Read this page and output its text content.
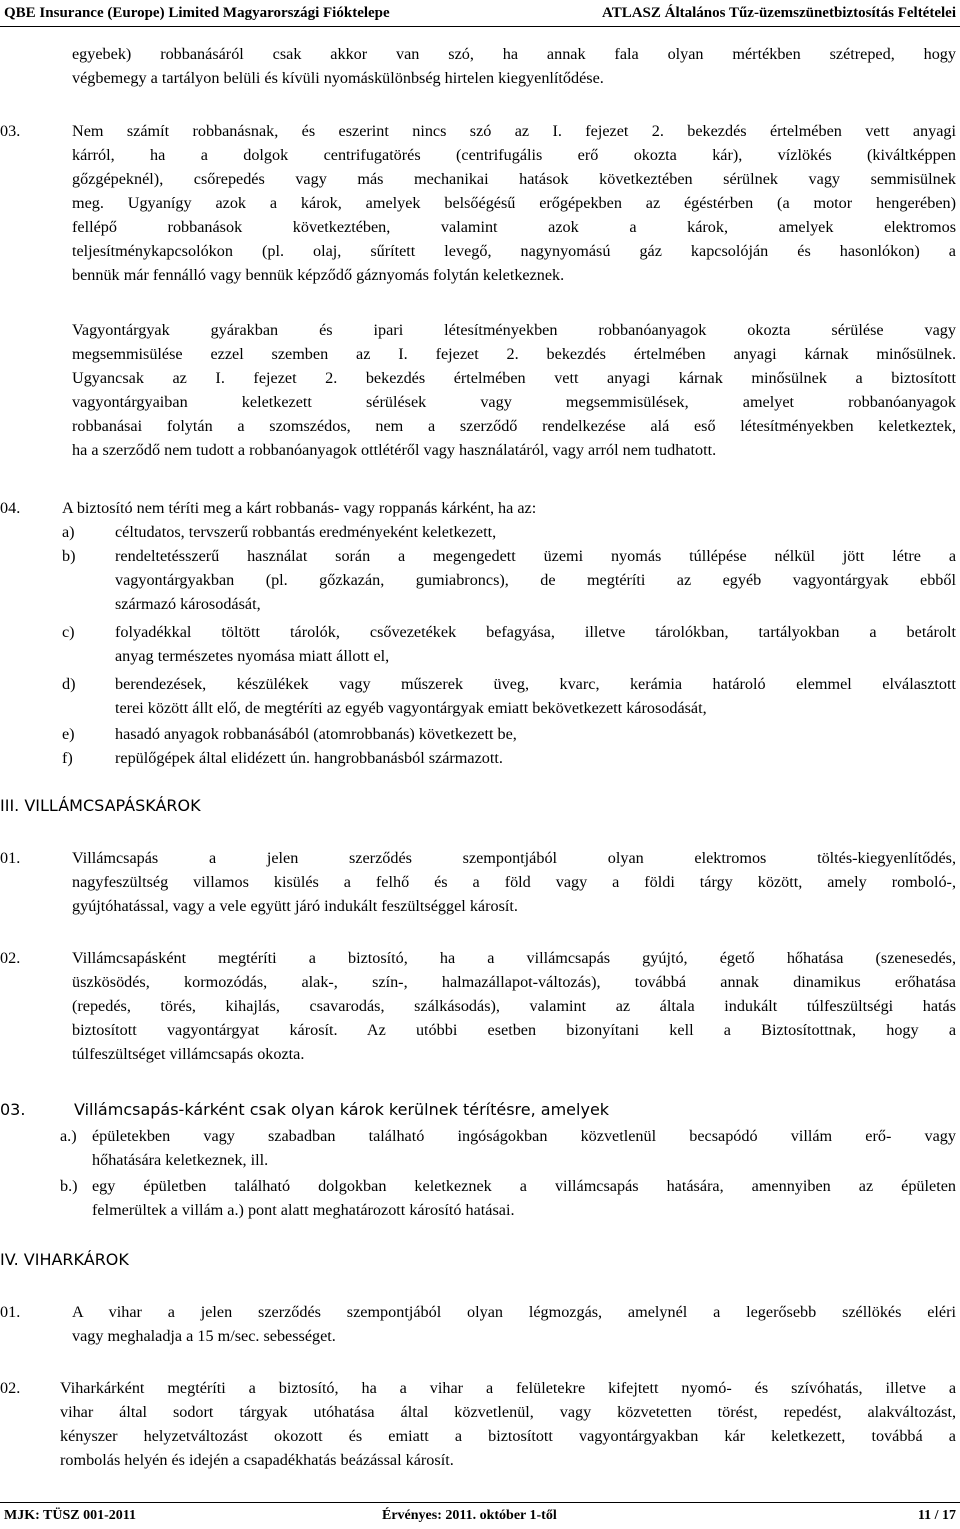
QBE Insurance (Europe) Limited Magyarországi Fióktelepe	ATLASZ Általános Tűz-üzemszünetbiztosítás Feltételei
egyebek) robbanásáról csak akkor van szó, ha annak fala olyan mértékben szétreped, hogy
végbemegy a tartályon belüli és kívüli nyomáskülönbség hirtelen kiegyenlítődése.
03.	Nem számít robbanásnak, és eszerint nincs szó az I. fejezet 2. bekezdés értelmében vett anyagi
kárról, ha a dolgok centrifugatörés (centrifugális erő okozta kár), vízlökés (kiváltképpen
gőzgépeknél), csőrepedés vagy más mechanikai hatások következtében sérülnek vagy semmisülnek
meg. Ugyanígy azok a károk, amelyek belsőégésű erőgépekben az égéstérben (a motor hengerében)
fellépő robbanások következtében, valamint azok a károk, amelyek elektromos
teljesítménykapcsolókon (pl. olaj, sűrített levegő, nagynyomású gáz kapcsolóján és hasonlókon) a
bennük már fennálló vagy bennük képződő gáznyomás folytán keletkeznek.
Vagyontárgyak gyárakban és ipari létesítményekben robbanóanyagok okozta sérülése vagy
megsemmisülése ezzel szemben az I. fejezet 2. bekezdés értelmében anyagi kárnak minősülnek.
Ugyancsak az I. fejezet 2. bekezdés értelmében vett anyagi kárnak minősülnek a biztosított
vagyontárgyaiban keletkezett sérülések vagy megsemmisülések, amelyet robbanóanyagok
robbanásai folytán a szomszédos, nem a szerződő rendelkezése alá eső létesítményekben keletkeztek,
ha a szerződő nem tudott a robbanóanyagok ottlétéről vagy használatáról, vagy arról nem tudhatott.
04.	A biztosító nem téríti meg a kárt robbanás- vagy roppanás kárként, ha az:
a) céltudatos, tervszerű robbantás eredményeként keletkezett,
b) rendeltetésszerű használat során a megengedett üzemi nyomás túllépése nélkül jött létre a
vagyontárgyakban (pl. gőzkazán, gumiabroncs), de megtéríti az egyéb vagyontárgyak ebből
származó károsodását,
c) folyadékkal töltött tárolók, csővezetékek befagyása, illetve tárolókban, tartályokban a betárolt
anyag természetes nyomása miatt állott el,
d) berendezések, készülékek vagy műszerek üveg, kvarc, kerámia határoló elemmel elválasztott
terei között állt elő, de megtéríti az egyéb vagyontárgyak emiatt bekövetkezett károsodását,
e) hasadó anyagok robbanásából (atomrobbanás) következett be,
f)	repülőgépek által elidézett ún. hangrobbanásból származott.
III. VILLÁMCSAPÁSKÁROK
01.	Villámcsapás a jelen szerződés szempontjából olyan elektromos töltés-kiegyenlítődés,
nagyfeszültség villamos kisülés a felhő és a föld vagy a földi tárgy között, amely romboló-,
gyújtóhatással, vagy a vele együtt járó indukált feszültséggel károsít.
02.	Villámcsapásként megtéríti a biztosító, ha a villámcsapás gyújtó, égető hőhatása (szenesedés,
üszkösödés, kormozódás, alak-, szín-, halmazállapot-változás), továbbá annak dinamikus erőhatása
(repedés, törés, kihajlás, csavarodás, szálkásodás), valamint az általa indukált túlfeszültségi hatás
biztosított vagyontárgyat károsít. Az utóbbi esetben bizonyítani kell a Biztosítottnak, hogy a
túlfeszültséget villámcsapás okozta.
03.	Villámcsapás-kárként csak olyan károk kerülnek térítésre, amelyek
a.) épületekben vagy szabadban található ingóságokban közvetlenül becsapódó villám erő- vagy
hőhatására keletkeznek, ill.
b.) egy épületben található dolgokban keletkeznek a villámcsapás hatására, amennyiben az épületen
felmerültek a villám a.) pont alatt meghatározott károsító hatásai.
IV. VIHARKÁROK
01.	A vihar a jelen szerződés szempontjából olyan légmozgás, amelynél a legerősebb széllökés eléri
vagy meghaladja a 15 m/sec. sebességet.
02.	Viharkárként megtéríti a biztosító, ha a vihar a felületekre kifejtett nyomó- és szívóhatás, illetve a
vihar által sodort tárgyak utóhatása által közvetlenül, vagy közvetetten törést, repedést, alakváltozást,
kényszer helyzetváltozást okozott és emiatt a biztosított vagyontárgyakban kár keletkezett, továbbá a
rombolás helyén és idején a csapadékhatás beázással károsít.
MJK: TÜSZ 001-2011	Érvényes: 2011. október 1-től	11 / 17
